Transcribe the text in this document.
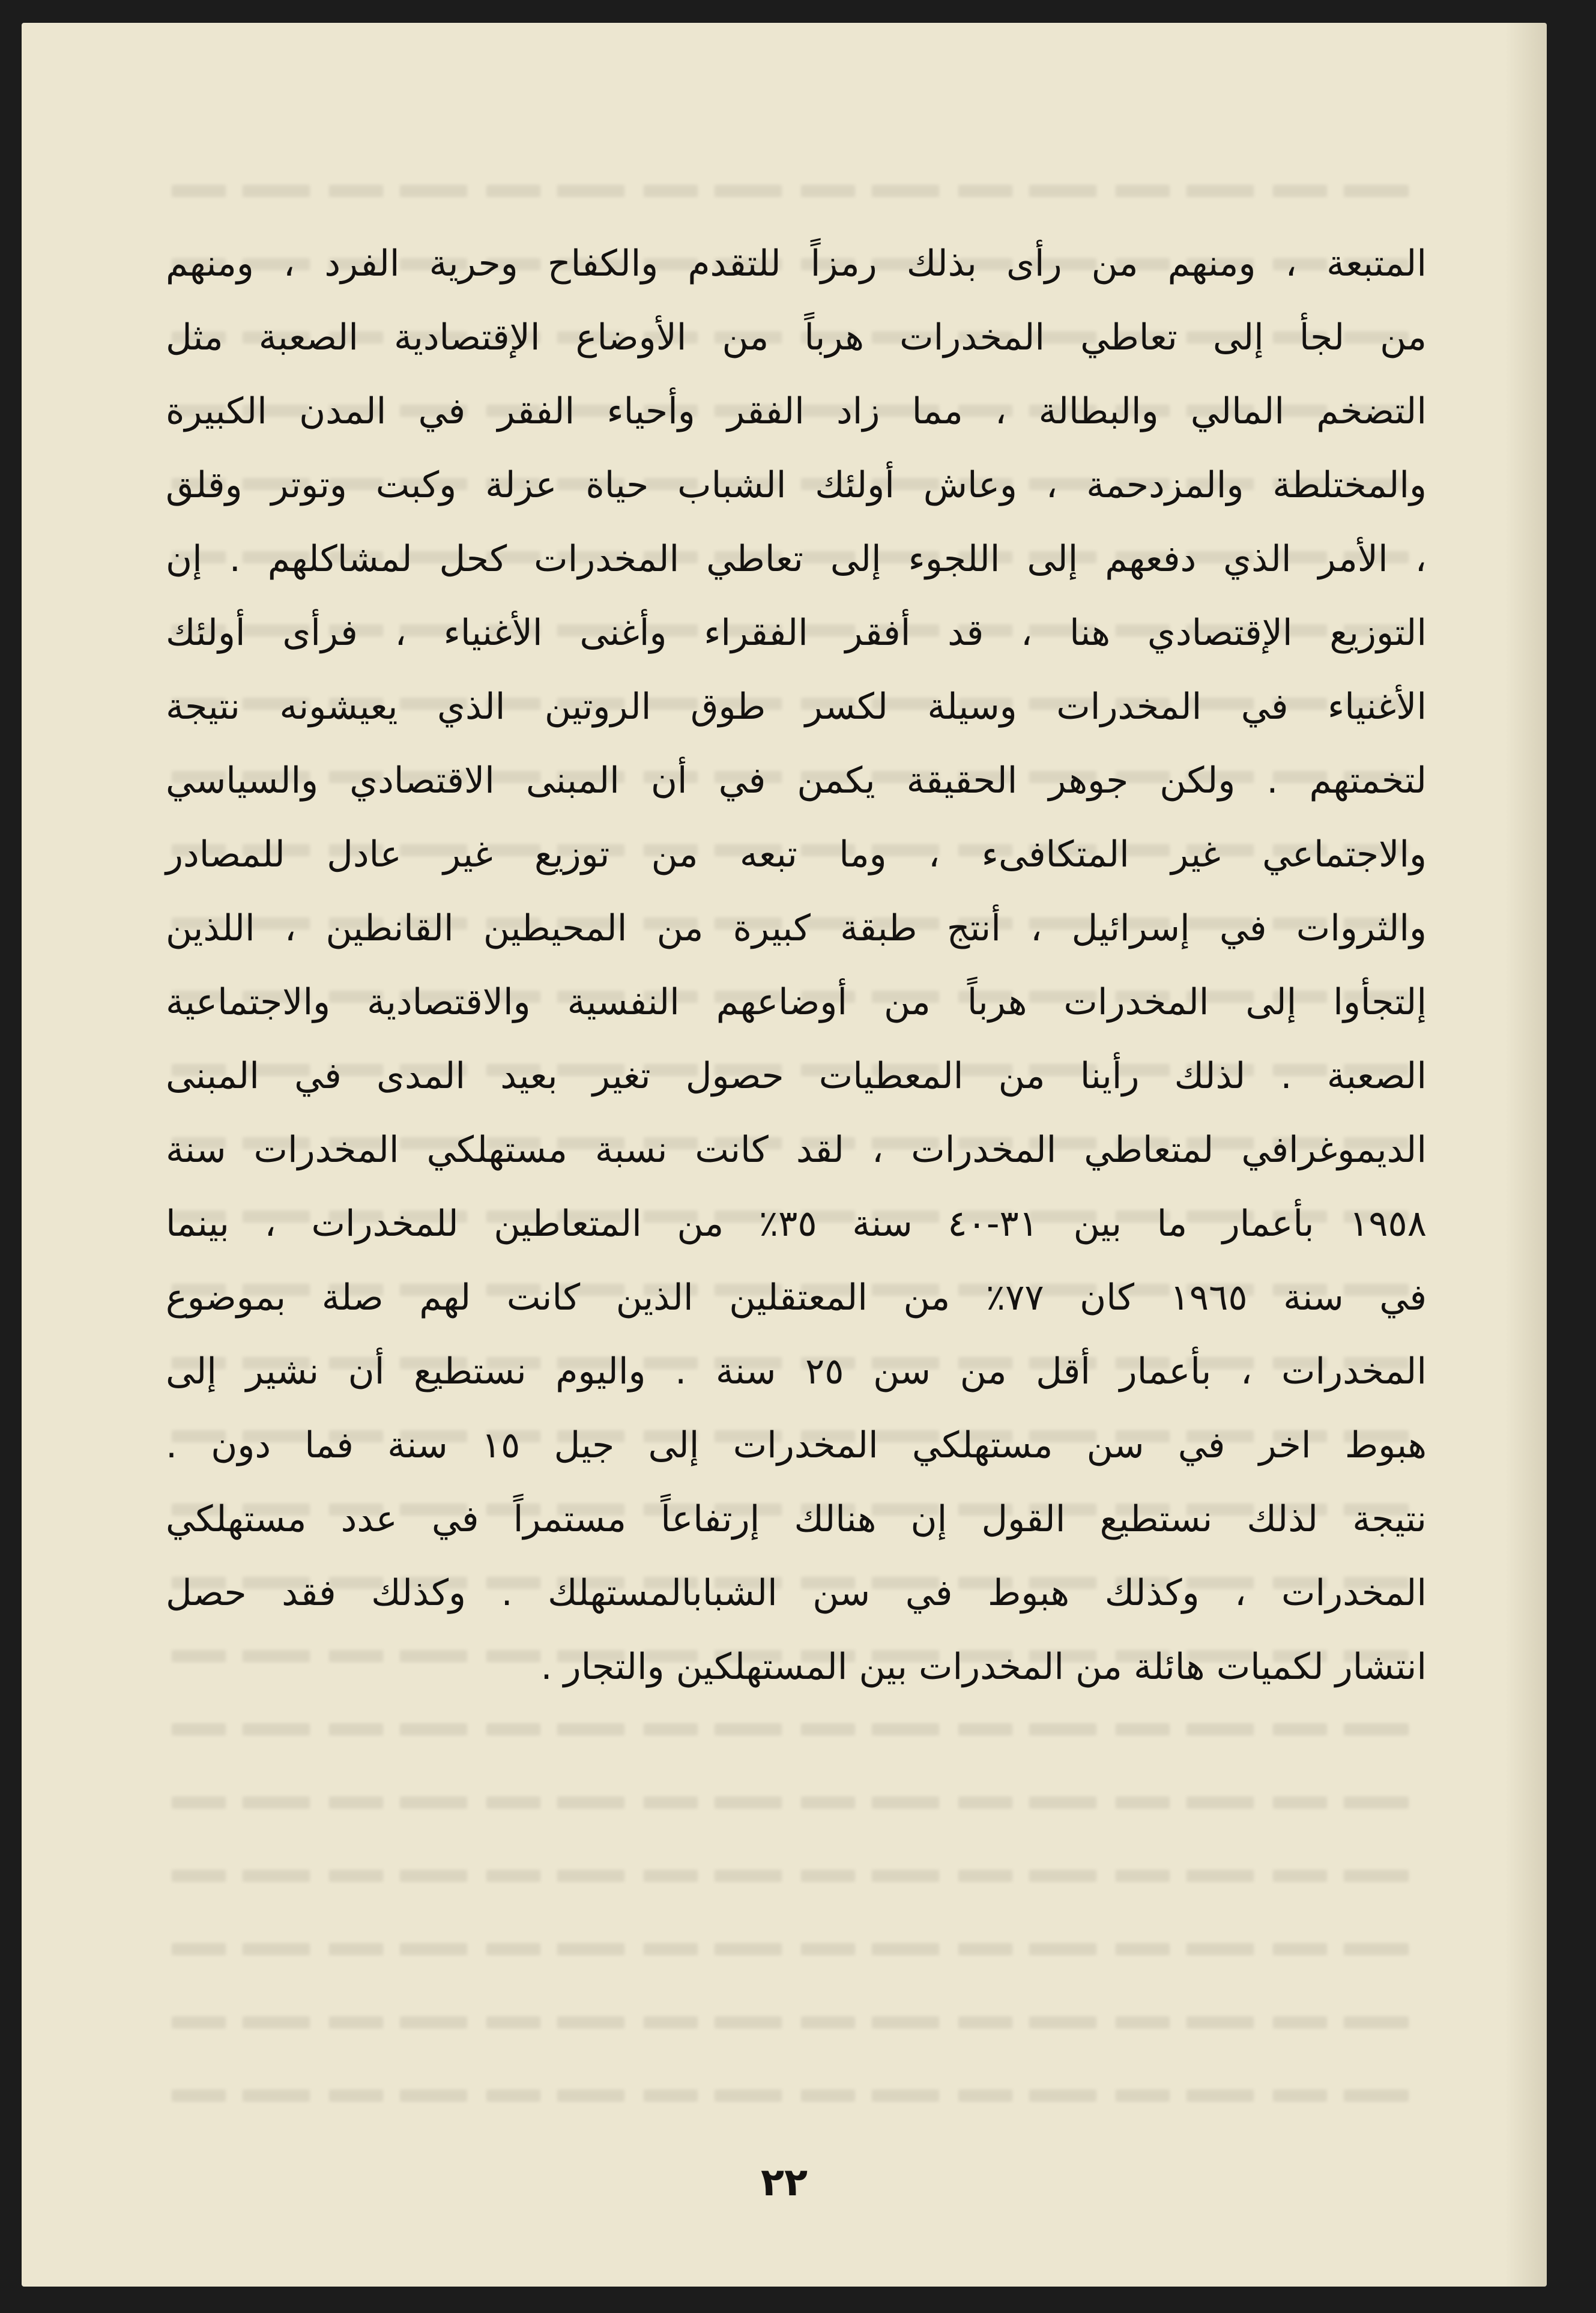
المتبعة ، ومنهم من رأى بذلك رمزاً للتقدم والكفاح وحرية الفرد ، ومنهم
من لجأ إلى تعاطي المخدرات هرباً من الأوضاع الإقتصادية الصعبة مثل
التضخم المالي والبطالة ، مما زاد الفقر وأحياء الفقر في المدن الكبيرة
والمختلطة والمزدحمة ، وعاش أولئك الشباب حياة عزلة وكبت وتوتر وقلق
، الأمر الذي دفعهم إلى اللجوء إلى تعاطي المخدرات كحل لمشاكلهم . إن
التوزيع الإقتصادي هنا ، قد أفقر الفقراء وأغنى الأغنياء ، فرأى أولئك
الأغنياء في المخدرات وسيلة لكسر طوق الروتين الذي يعيشونه نتيجة
لتخمتهم . ولكن جوهر الحقيقة يكمن في أن المبنى الاقتصادي والسياسي
والاجتماعي غير المتكافىء ، وما تبعه من توزيع غير عادل للمصادر
والثروات في إسرائيل ، أنتج طبقة كبيرة من المحيطين القانطين ، اللذين
إلتجأوا إلى المخدرات هرباً من أوضاعهم النفسية والاقتصادية والاجتماعية
الصعبة . لذلك رأينا من المعطيات حصول تغير بعيد المدى في المبنى
الديموغرافي لمتعاطي المخدرات ، لقد كانت نسبة مستهلكي المخدرات سنة
١٩٥٨ بأعمار ما بين ٣١-٤٠ سنة ٣٥٪ من المتعاطين للمخدرات ، بينما
في سنة ١٩٦٥ كان ٧٧٪ من المعتقلين الذين كانت لهم صلة بموضوع
المخدرات ، بأعمار أقل من سن ٢٥ سنة . واليوم نستطيع أن نشير إلى
هبوط اخر في سن مستهلكي المخدرات إلى جيل ١٥ سنة فما دون .
نتيجة لذلك نستطيع القول إن هنالك إرتفاعاً مستمراً في عدد مستهلكي
المخدرات ، وكذلك هبوط في سن الشبابالمستهلك . وكذلك فقد حصل
انتشار لكميات هائلة من المخدرات بين المستهلكين والتجار .
٢٢
